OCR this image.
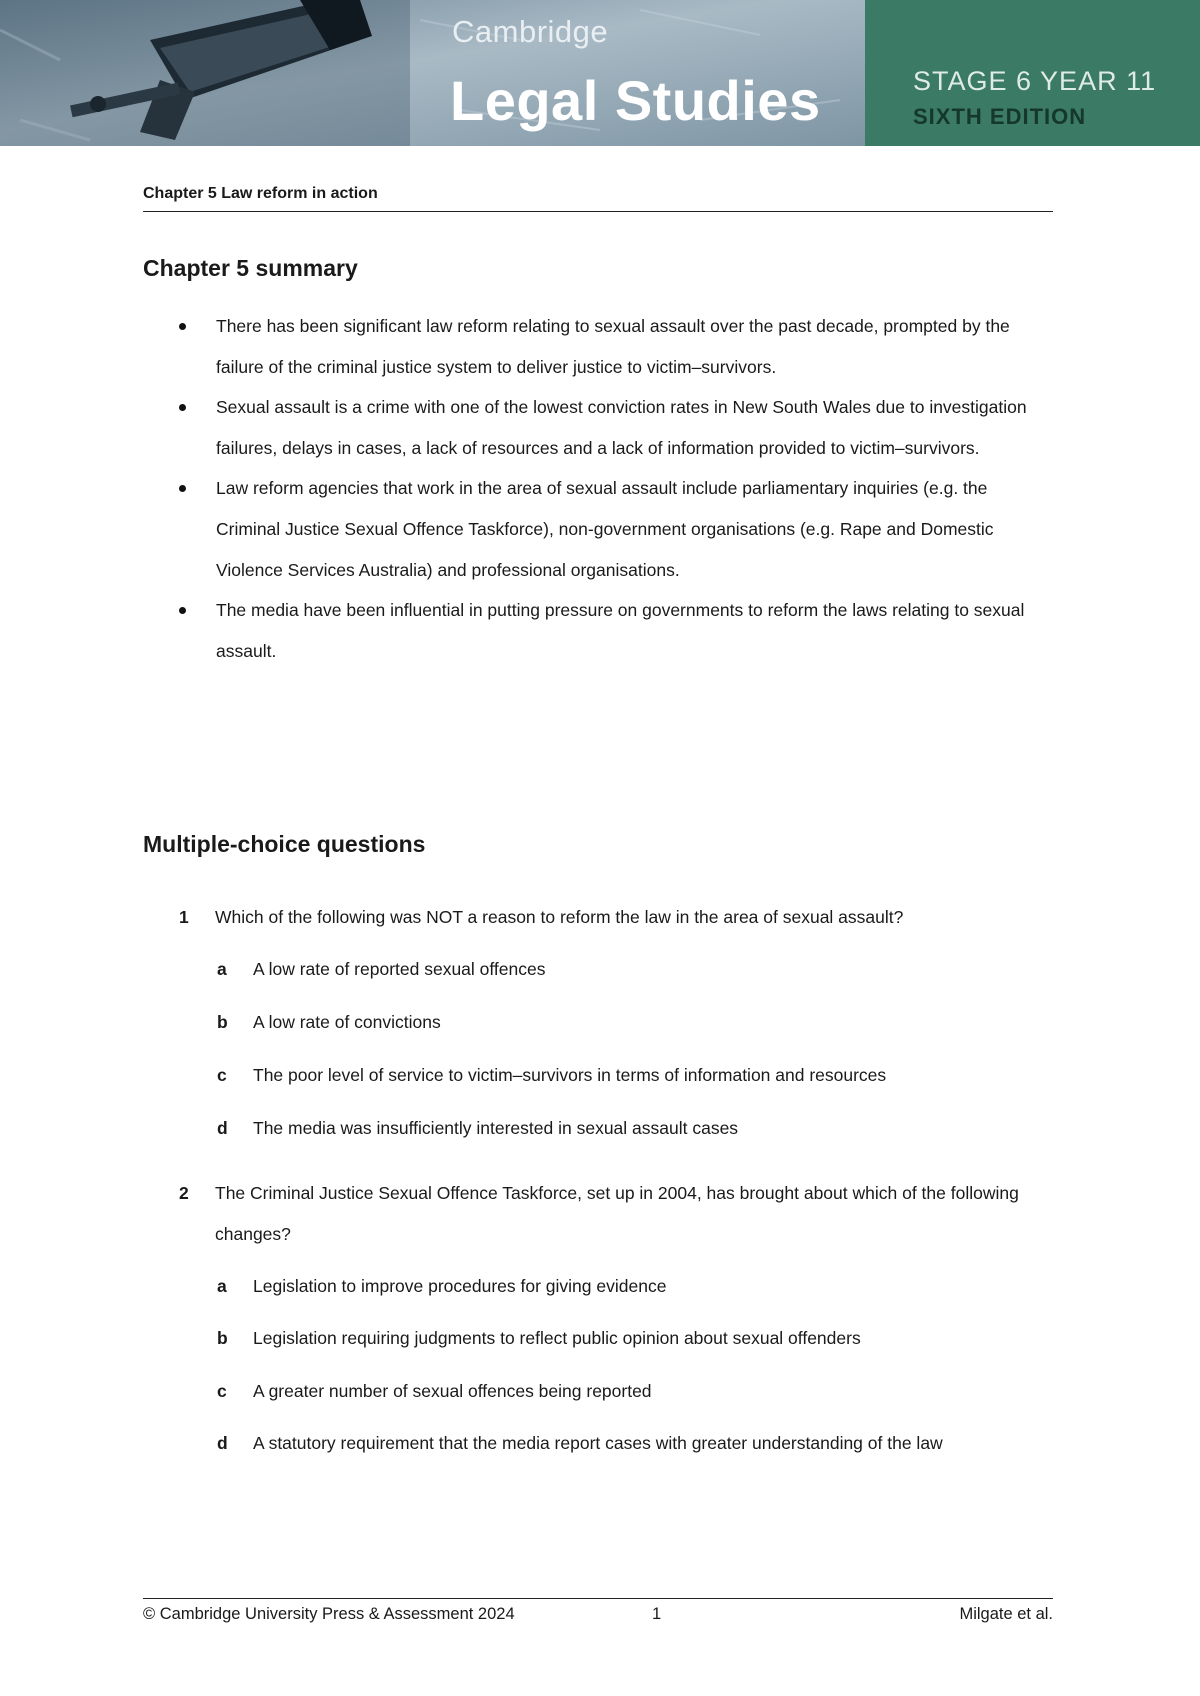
Cambridge
Legal Studies	STAGE 6 YEAR 11
SIXTH EDITION
Chapter 5 Law reform in action
Chapter 5 summary
There has been significant law reform relating to sexual assault over the past decade, prompted by the failure of the criminal justice system to deliver justice to victim–survivors.
Sexual assault is a crime with one of the lowest conviction rates in New South Wales due to investigation failures, delays in cases, a lack of resources and a lack of information provided to victim–survivors.
Law reform agencies that work in the area of sexual assault include parliamentary inquiries (e.g. the Criminal Justice Sexual Offence Taskforce), non-government organisations (e.g. Rape and Domestic Violence Services Australia) and professional organisations.
The media have been influential in putting pressure on governments to reform the laws relating to sexual assault.
Multiple-choice questions
1 Which of the following was NOT a reason to reform the law in the area of sexual assault?
a A low rate of reported sexual offences
b A low rate of convictions
c The poor level of service to victim–survivors in terms of information and resources
d The media was insufficiently interested in sexual assault cases
2 The Criminal Justice Sexual Offence Taskforce, set up in 2004, has brought about which of the following changes?
a Legislation to improve procedures for giving evidence
b Legislation requiring judgments to reflect public opinion about sexual offenders
c A greater number of sexual offences being reported
d A statutory requirement that the media report cases with greater understanding of the law
© Cambridge University Press & Assessment 2024	1	Milgate et al.
